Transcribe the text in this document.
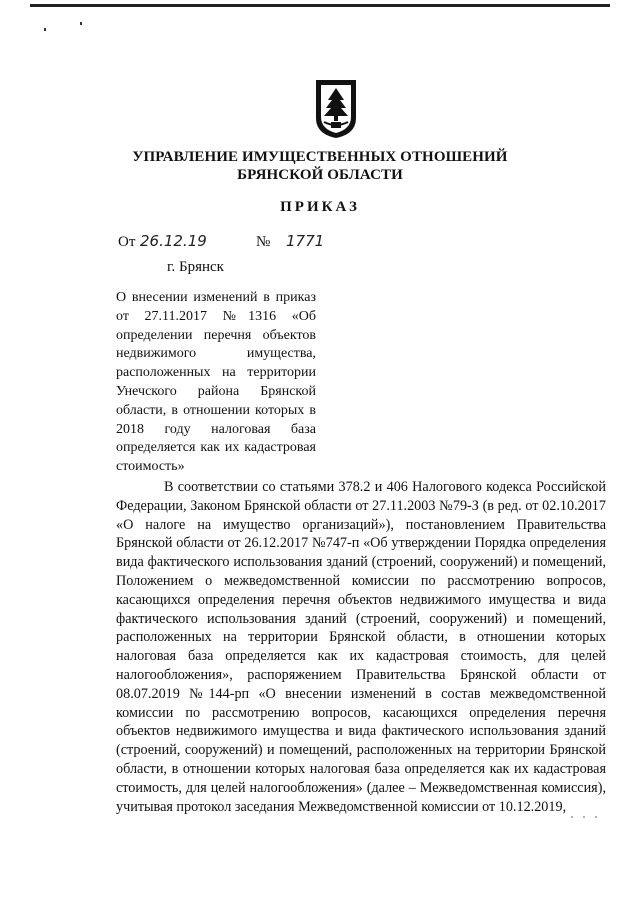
УПРАВЛЕНИЕ ИМУЩЕСТВЕННЫХ ОТНОШЕНИЙ
БРЯНСКОЙ ОБЛАСТИ
ПРИКАЗ
От 26.12.19	№ 1771
г. Брянск
О внесении изменений в приказ от 27.11.2017 №1316 «Об определении перечня объектов недвижимого имущества, расположенных на территории Унечского района Брянской области, в отношении которых в 2018 году налоговая база определяется как их кадастровая стоимость»
В соответствии со статьями 378.2 и 406 Налогового кодекса Российской Федерации, Законом Брянской области от 27.11.2003 №79-З (в ред. от 02.10.2017 «О налоге на имущество организаций»), постановлением Правительства Брянской области от 26.12.2017 №747-п «Об утверждении Порядка определения вида фактического использования зданий (строений, сооружений) и помещений, Положением о межведомственной комиссии по рассмотрению вопросов, касающихся определения перечня объектов недвижимого имущества и вида фактического использования зданий (строений, сооружений) и помещений, расположенных на территории Брянской области, в отношении которых налоговая база определяется как их кадастровая стоимость, для целей налогообложения», распоряжением Правительства Брянской области от 08.07.2019 №144-рп «О внесении изменений в состав межведомственной комиссии по рассмотрению вопросов, касающихся определения перечня объектов недвижимого имущества и вида фактического использования зданий (строений, сооружений) и помещений, расположенных на территории Брянской области, в отношении которых налоговая база определяется как их кадастровая стоимость, для целей налогообложения» (далее – Межведомственная комиссия), учитывая протокол заседания Межведомственной комиссии от 10.12.2019,
